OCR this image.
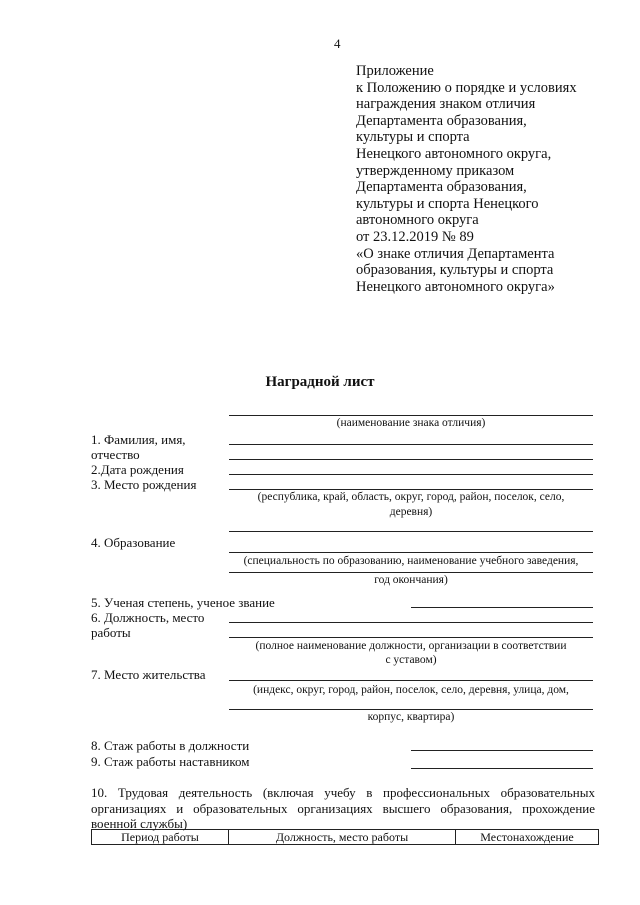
4
Приложение
к Положению о порядке и условиях
награждения знаком отличия
Департамента образования,
культуры и спорта
Ненецкого автономного округа,
утвержденному приказом
Департамента образования,
культуры и спорта Ненецкого
автономного округа
от 23.12.2019 № 89
«О знаке отличия Департамента
образования, культуры и спорта
Ненецкого автономного округа»
Наградной лист
(наименование знака отличия)
1. Фамилия, имя,
отчество
2.Дата рождения
3. Место рождения
(республика, край, область, округ, город, район, поселок, село,
деревня)
4. Образование
(специальность по образованию, наименование учебного заведения,
год окончания)
5. Ученая степень, ученое звание
6. Должность, место
работы
(полное наименование должности, организации в соответствии
с уставом)
7. Место жительства
(индекс, округ, город, район, поселок, село, деревня, улица, дом,
корпус, квартира)
8. Стаж работы в должности
9. Стаж работы наставником
10. Трудовая деятельность (включая учебу в профессиональных образовательных организациях и образовательных организациях высшего образования, прохождение военной службы)
Период работы	Должность, место работы	Местонахождение
